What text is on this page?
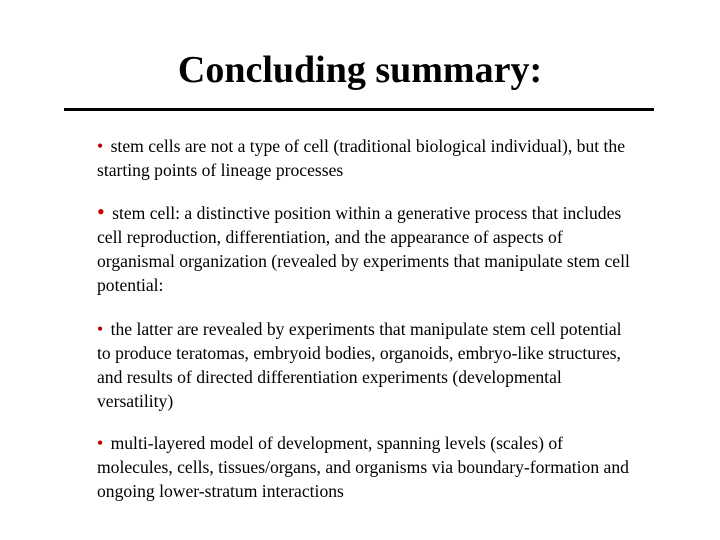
Concluding summary:
• stem cells are not a type of cell (traditional biological individual), but the starting points of lineage processes
• stem cell: a distinctive position within a generative process that includes cell reproduction, differentiation, and the appearance of aspects of organismal organization (revealed by experiments that manipulate stem cell potential:
• the latter are revealed by experiments that manipulate stem cell potential to produce teratomas, embryoid bodies, organoids, embryo-like structures, and results of directed differentiation experiments (developmental versatility)
• multi-layered model of development, spanning levels (scales) of molecules, cells, tissues/organs, and organisms via boundary-formation and ongoing lower-stratum interactions
